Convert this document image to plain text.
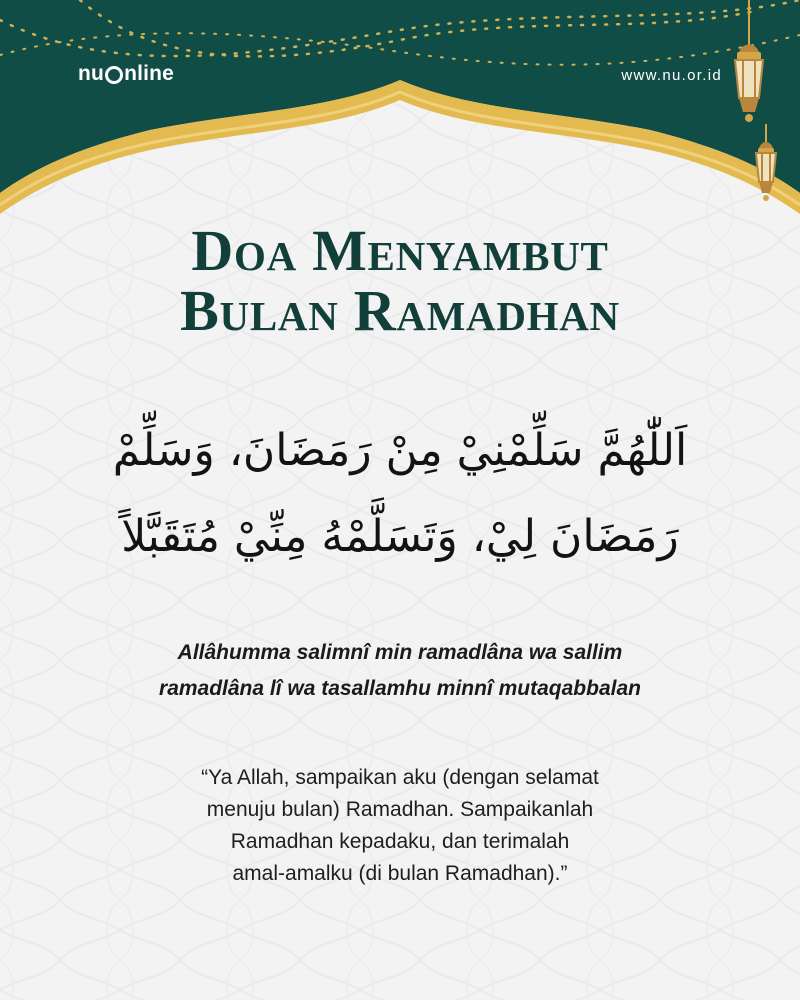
nu nline	www.nu.or.id
Doa Menyambut
Bulan Ramadhan
اَللّٰهُمَّ سَلِّمْنِيْ مِنْ رَمَضَانَ، وَسَلِّمْ
رَمَضَانَ لِيْ، وَتَسَلَّمْهُ مِنِّيْ مُتَقَبَّلاً
Allâhumma salimnî min ramadlâna wa sallim
ramadlâna lî wa tasallamhu minnî mutaqabbalan
“Ya Allah, sampaikan aku (dengan selamat
menuju bulan) Ramadhan. Sampaikanlah
Ramadhan kepadaku, dan terimalah
amal-amalku (di bulan Ramadhan).”
